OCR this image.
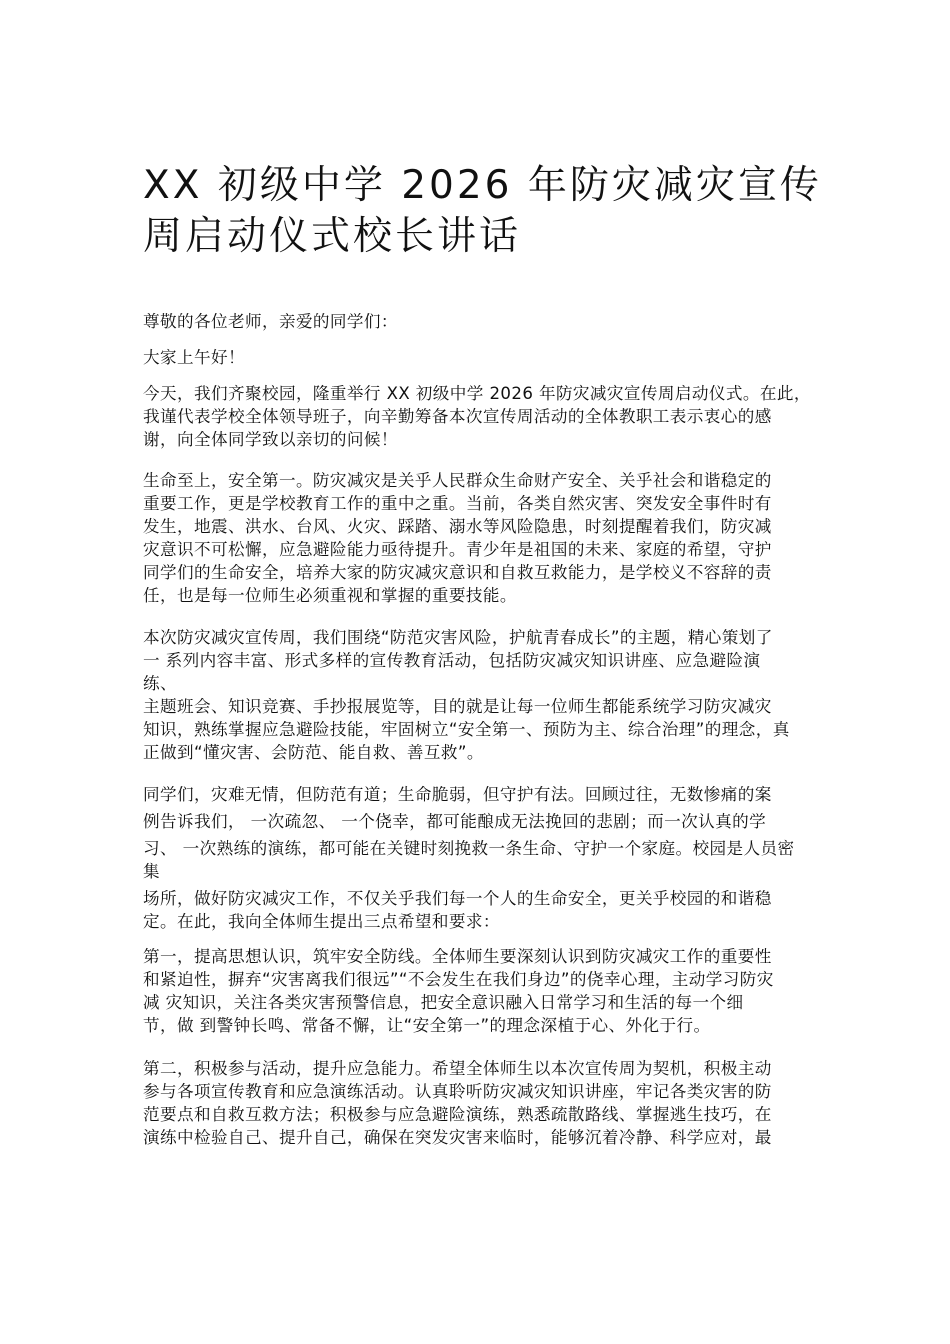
XX 初级中学 2026 年防灾减灾宣传
周启动仪式校长讲话
尊敬的各位老师，亲爱的同学们：
大家上午好！
今天，我们齐聚校园，隆重举行 XX 初级中学 2026 年防灾减灾宣传周启动仪式。在此，
我谨代表学校全体领导班子，向辛勤筹备本次宣传周活动的全体教职工表示衷心的感
谢，向全体同学致以亲切的问候！
生命至上，安全第一。防灾减灾是关乎人民群众生命财产安全、关乎社会和谐稳定的
重要工作，更是学校教育工作的重中之重。当前，各类自然灾害、突发安全事件时有
发生，地震、洪水、台风、火灾、踩踏、溺水等风险隐患，时刻提醒着我们，防灾减
灾意识不可松懈，应急避险能力亟待提升。青少年是祖国的未来、家庭的希望，守护
同学们的生命安全，培养大家的防灾减灾意识和自救互救能力，是学校义不容辞的责
任，也是每一位师生必须重视和掌握的重要技能。
本次防灾减灾宣传周，我们围绕“防范灾害风险，护航青春成长”的主题，精心策划了
一 系列内容丰富、形式多样的宣传教育活动，包括防灾减灾知识讲座、应急避险演
练、
主题班会、知识竞赛、手抄报展览等，目的就是让每一位师生都能系统学习防灾减灾
知识，熟练掌握应急避险技能，牢固树立“安全第一、预防为主、综合治理”的理念，真
正做到“懂灾害、会防范、能自救、善互救”。
同学们，灾难无情，但防范有道；生命脆弱，但守护有法。回顾过往，无数惨痛的案
例告诉我们， 一次疏忽、 一个侥幸，都可能酿成无法挽回的悲剧；而一次认真的学
习、 一次熟练的演练，都可能在关键时刻挽救一条生命、守护一个家庭。校园是人员密
集
场所，做好防灾减灾工作，不仅关乎我们每一个人的生命安全，更关乎校园的和谐稳
定。在此，我向全体师生提出三点希望和要求：
第一，提高思想认识，筑牢安全防线。全体师生要深刻认识到防灾减灾工作的重要性
和紧迫性，摒弃“灾害离我们很远”“不会发生在我们身边”的侥幸心理，主动学习防灾
减 灾知识，关注各类灾害预警信息，把安全意识融入日常学习和生活的每一个细
节，做 到警钟长鸣、常备不懈，让“安全第一”的理念深植于心、外化于行。
第二，积极参与活动，提升应急能力。希望全体师生以本次宣传周为契机，积极主动
参与各项宣传教育和应急演练活动。认真聆听防灾减灾知识讲座，牢记各类灾害的防
范要点和自救互救方法；积极参与应急避险演练，熟悉疏散路线、掌握逃生技巧，在
演练中检验自己、提升自己，确保在突发灾害来临时，能够沉着冷静、科学应对，最
